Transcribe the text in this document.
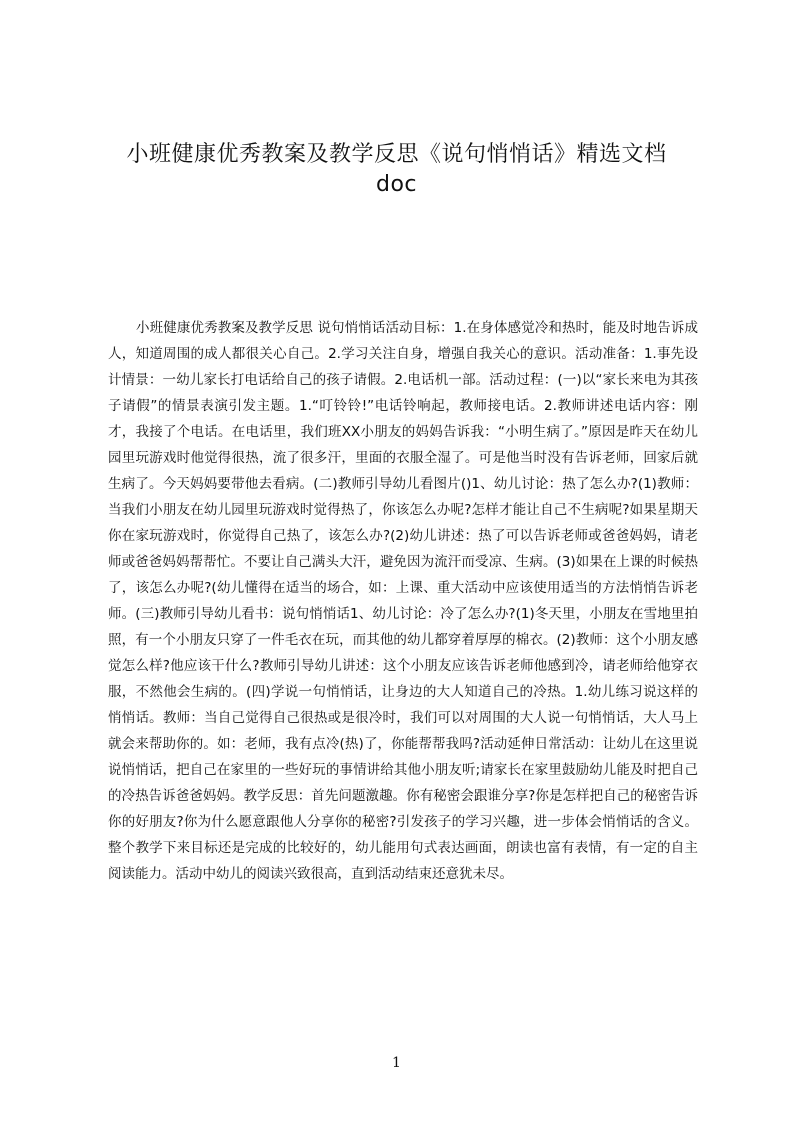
小班健康优秀教案及教学反思《说句悄悄话》精选文档
doc

小班健康优秀教案及教学反思 说句悄悄话活动目标：1.在身体感觉冷和热时，能及时地告诉成人，知道周围的成人都很关心自己。2.学习关注自身，增强自我关心的意识。活动准备：1.事先设计情景：一幼儿家长打电话给自己的孩子请假。2.电话机一部。活动过程：(一)以“家长来电为其孩子请假”的情景表演引发主题。1.“叮铃铃!”电话铃响起，教师接电话。2.教师讲述电话内容：刚才，我接了个电话。在电话里，我们班XX小朋友的妈妈告诉我：“小明生病了。”原因是昨天在幼儿园里玩游戏时他觉得很热，流了很多汗，里面的衣服全湿了。可是他当时没有告诉老师，回家后就生病了。今天妈妈要带他去看病。(二)教师引导幼儿看图片()1、幼儿讨论：热了怎么办?(1)教师：当我们小朋友在幼儿园里玩游戏时觉得热了，你该怎么办呢?怎样才能让自己不生病呢?如果星期天你在家玩游戏时，你觉得自己热了，该怎么办?(2)幼儿讲述：热了可以告诉老师或爸爸妈妈，请老师或爸爸妈妈帮帮忙。不要让自己满头大汗，避免因为流汗而受凉、生病。(3)如果在上课的时候热了，该怎么办呢?(幼儿懂得在适当的场合，如：上课、重大活动中应该使用适当的方法悄悄告诉老师。(三)教师引导幼儿看书：说句悄悄话1、幼儿讨论：冷了怎么办?(1)冬天里，小朋友在雪地里拍照，有一个小朋友只穿了一件毛衣在玩，而其他的幼儿都穿着厚厚的棉衣。(2)教师：这个小朋友感觉怎么样?他应该干什么?教师引导幼儿讲述：这个小朋友应该告诉老师他感到冷，请老师给他穿衣服，不然他会生病的。(四)学说一句悄悄话，让身边的大人知道自己的冷热。1.幼儿练习说这样的悄悄话。教师：当自己觉得自己很热或是很冷时，我们可以对周围的大人说一句悄悄话，大人马上就会来帮助你的。如：老师，我有点冷(热)了，你能帮帮我吗?活动延伸日常活动：让幼儿在这里说说悄悄话，把自己在家里的一些好玩的事情讲给其他小朋友听;请家长在家里鼓励幼儿能及时把自己的冷热告诉爸爸妈妈。教学反思：首先问题激趣。你有秘密会跟谁分享?你是怎样把自己的秘密告诉你的好朋友?你为什么愿意跟他人分享你的秘密?引发孩子的学习兴趣，进一步体会悄悄话的含义。整个教学下来目标还是完成的比较好的，幼儿能用句式表达画面，朗读也富有表情，有一定的自主阅读能力。活动中幼儿的阅读兴致很高，直到活动结束还意犹未尽。

1
